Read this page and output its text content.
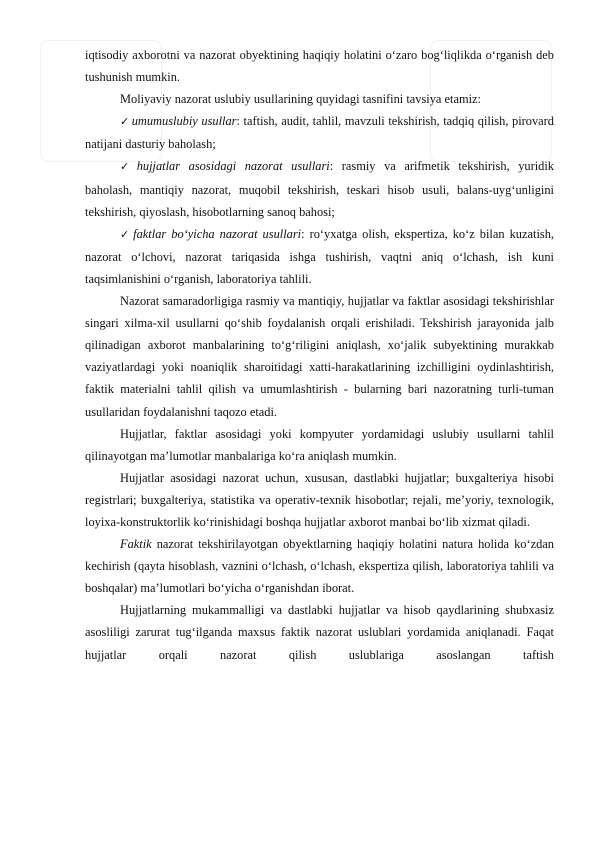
iqtisodiy axborotni va nazorat obyektining haqiqiy holatini o‘zaro bog‘liqlikda o‘rganish deb tushunish mumkin.

Moliyaviy nazorat uslubiy usullarining quyidagi tasnifini tavsiya etamiz:

✓ umumuslubiy usullar: taftish, audit, tahlil, mavzuli tekshirish, tadqiq qilish, pirovard natijani dasturiy baholash;

✓ hujjatlar asosidagi nazorat usullari: rasmiy va arifmetik tekshirish, yuridik baholash, mantiqiy nazorat, muqobil tekshirish, teskari hisob usuli, balans-uyg‘unligini tekshirish, qiyoslash, hisobotlarning sanoq bahosi;

✓ faktlar bo‘yicha nazorat usullari: ro‘yxatga olish, ekspertiza, ko‘z bilan kuzatish, nazorat o‘lchovi, nazorat tariqasida ishga tushirish, vaqtni aniq o‘lchash, ish kuni taqsimlanishini o‘rganish, laboratoriya tahlili.

Nazorat samaradorligiga rasmiy va mantiqiy, hujjatlar va faktlar asosidagi tekshirishlar singari xilma-xil usullarni qo‘shib foydalanish orqali erishiladi. Tekshirish jarayonida jalb qilinadigan axborot manbalarining to‘g‘riligini aniqlash, xo‘jalik subyektining murakkab vaziyatlardagi yoki noaniqlik sharoitidagi xatti-harakatlarining izchilligini oydinlashtirish, faktik materialni tahlil qilish va umumlashtirish - bularning bari nazoratning turli-tuman usullaridan foydalanishni taqozo etadi.

Hujjatlar, faktlar asosidagi yoki kompyuter yordamidagi uslubiy usullarni tahlil qilinayotgan ma’lumotlar manbalariga ko‘ra aniqlash mumkin.

Hujjatlar asosidagi nazorat uchun, xususan, dastlabki hujjatlar; buxgalteriya hisobi registrlari; buxgalteriya, statistika va operativ-texnik hisobotlar; rejali, me’yoriy, texnologik, loyixa-konstruktorlik ko‘rinishidagi boshqa hujjatlar axborot manbai bo‘lib xizmat qiladi.

Faktik nazorat tekshirilayotgan obyektlarning haqiqiy holatini natura holida ko‘zdan kechirish (qayta hisoblash, vaznini o‘lchash, o‘lchash, ekspertiza qilish, laboratoriya tahlili va boshqalar) ma’lumotlari bo‘yicha o‘rganishdan iborat.

Hujjatlarning mukammalligi va dastlabki hujjatlar va hisob qaydlarining shubxasiz asosliligi zarurat tug‘ilganda maxsus faktik nazorat uslublari yordamida aniqlanadi. Faqat hujjatlar orqali nazorat qilish uslublariga asoslangan taftish
